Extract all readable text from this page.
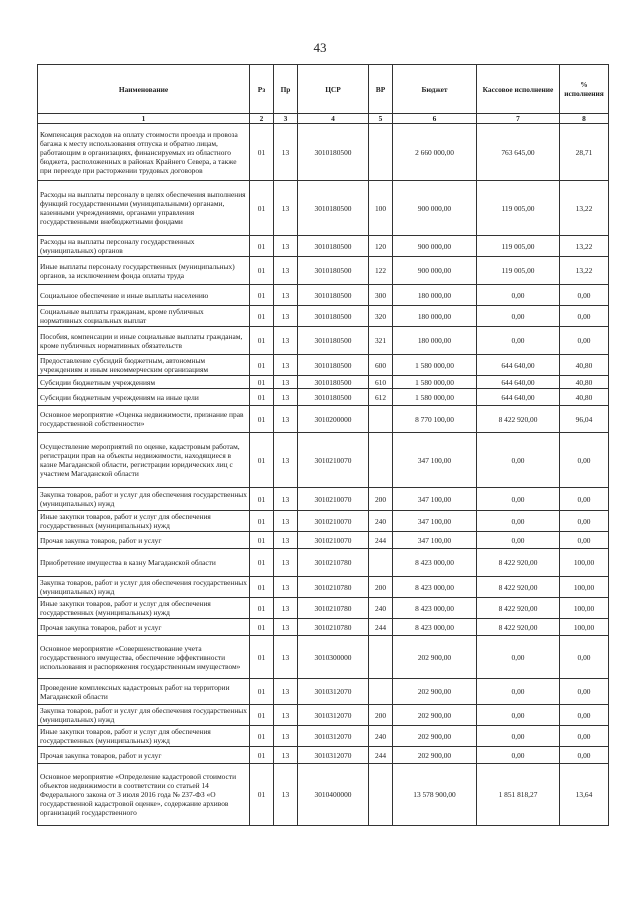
43
Наименование	Рз	Пр	ЦСР	ВР	Бюджет	Кассовое исполнение	% исполнения
1	2	3	4	5	6	7	8
Компенсация расходов на оплату стоимости проезда и провоза багажа к месту использования отпуска и обратно лицам, работающим в организациях, финансируемых из областного бюджета, расположенных в районах Крайнего Севера, а также при переезде при расторжении трудовых договоров	01	13	3010180500		2 660 000,00	763 645,00	28,71
Расходы на выплаты персоналу в целях обеспечения выполнения функций государственными (муниципальными) органами, казенными учреждениями, органами управления государственными внебюджетными фондами	01	13	3010180500	100	900 000,00	119 005,00	13,22
Расходы на выплаты персоналу государственных (муниципальных) органов	01	13	3010180500	120	900 000,00	119 005,00	13,22
Иные выплаты персоналу государственных (муниципальных) органов, за исключением фонда оплаты труда	01	13	3010180500	122	900 000,00	119 005,00	13,22
Социальное обеспечение и иные выплаты населению	01	13	3010180500	300	180 000,00	0,00	0,00
Социальные выплаты гражданам, кроме публичных нормативных социальных выплат	01	13	3010180500	320	180 000,00	0,00	0,00
Пособия, компенсации и иные социальные выплаты гражданам, кроме публичных нормативных обязательств	01	13	3010180500	321	180 000,00	0,00	0,00
Предоставление субсидий бюджетным, автономным учреждениям и иным некоммерческим организациям	01	13	3010180500	600	1 580 000,00	644 640,00	40,80
Субсидии бюджетным учреждениям	01	13	3010180500	610	1 580 000,00	644 640,00	40,80
Субсидии бюджетным учреждениям на иные цели	01	13	3010180500	612	1 580 000,00	644 640,00	40,80
Основное мероприятие «Оценка недвижимости, признание прав государственной собственности»	01	13	3010200000		8 770 100,00	8 422 920,00	96,04
Осуществление мероприятий по оценке, кадастровым работам, регистрации прав на объекты недвижимости, находящиеся в казне Магаданской области, регистрации юридических лиц с участием Магаданской области	01	13	3010210070		347 100,00	0,00	0,00
Закупка товаров, работ и услуг для обеспечения государственных (муниципальных) нужд	01	13	3010210070	200	347 100,00	0,00	0,00
Иные закупки товаров, работ и услуг для обеспечения государственных (муниципальных) нужд	01	13	3010210070	240	347 100,00	0,00	0,00
Прочая закупка товаров, работ и услуг	01	13	3010210070	244	347 100,00	0,00	0,00
Приобретение имущества в казну Магаданской области	01	13	3010210780		8 423 000,00	8 422 920,00	100,00
Закупка товаров, работ и услуг для обеспечения государственных (муниципальных) нужд	01	13	3010210780	200	8 423 000,00	8 422 920,00	100,00
Иные закупки товаров, работ и услуг для обеспечения государственных (муниципальных) нужд	01	13	3010210780	240	8 423 000,00	8 422 920,00	100,00
Прочая закупка товаров, работ и услуг	01	13	3010210780	244	8 423 000,00	8 422 920,00	100,00
Основное мероприятие «Совершенствование учета государственного имущества, обеспечение эффективности использования и распоряжения государственным имуществом»	01	13	3010300000		202 900,00	0,00	0,00
Проведение комплексных кадастровых работ на территории Магаданской области	01	13	3010312070		202 900,00	0,00	0,00
Закупка товаров, работ и услуг для обеспечения государственных (муниципальных) нужд	01	13	3010312070	200	202 900,00	0,00	0,00
Иные закупки товаров, работ и услуг для обеспечения государственных (муниципальных) нужд	01	13	3010312070	240	202 900,00	0,00	0,00
Прочая закупка товаров, работ и услуг	01	13	3010312070	244	202 900,00	0,00	0,00
Основное мероприятие «Определение кадастровой стоимости объектов недвижимости в соответствии со статьей 14 Федерального закона от 3 июля 2016 года № 237-ФЗ «О государственной кадастровой оценке», содержание архивов организаций государственного	01	13	3010400000		13 578 900,00	1 851 818,27	13,64
